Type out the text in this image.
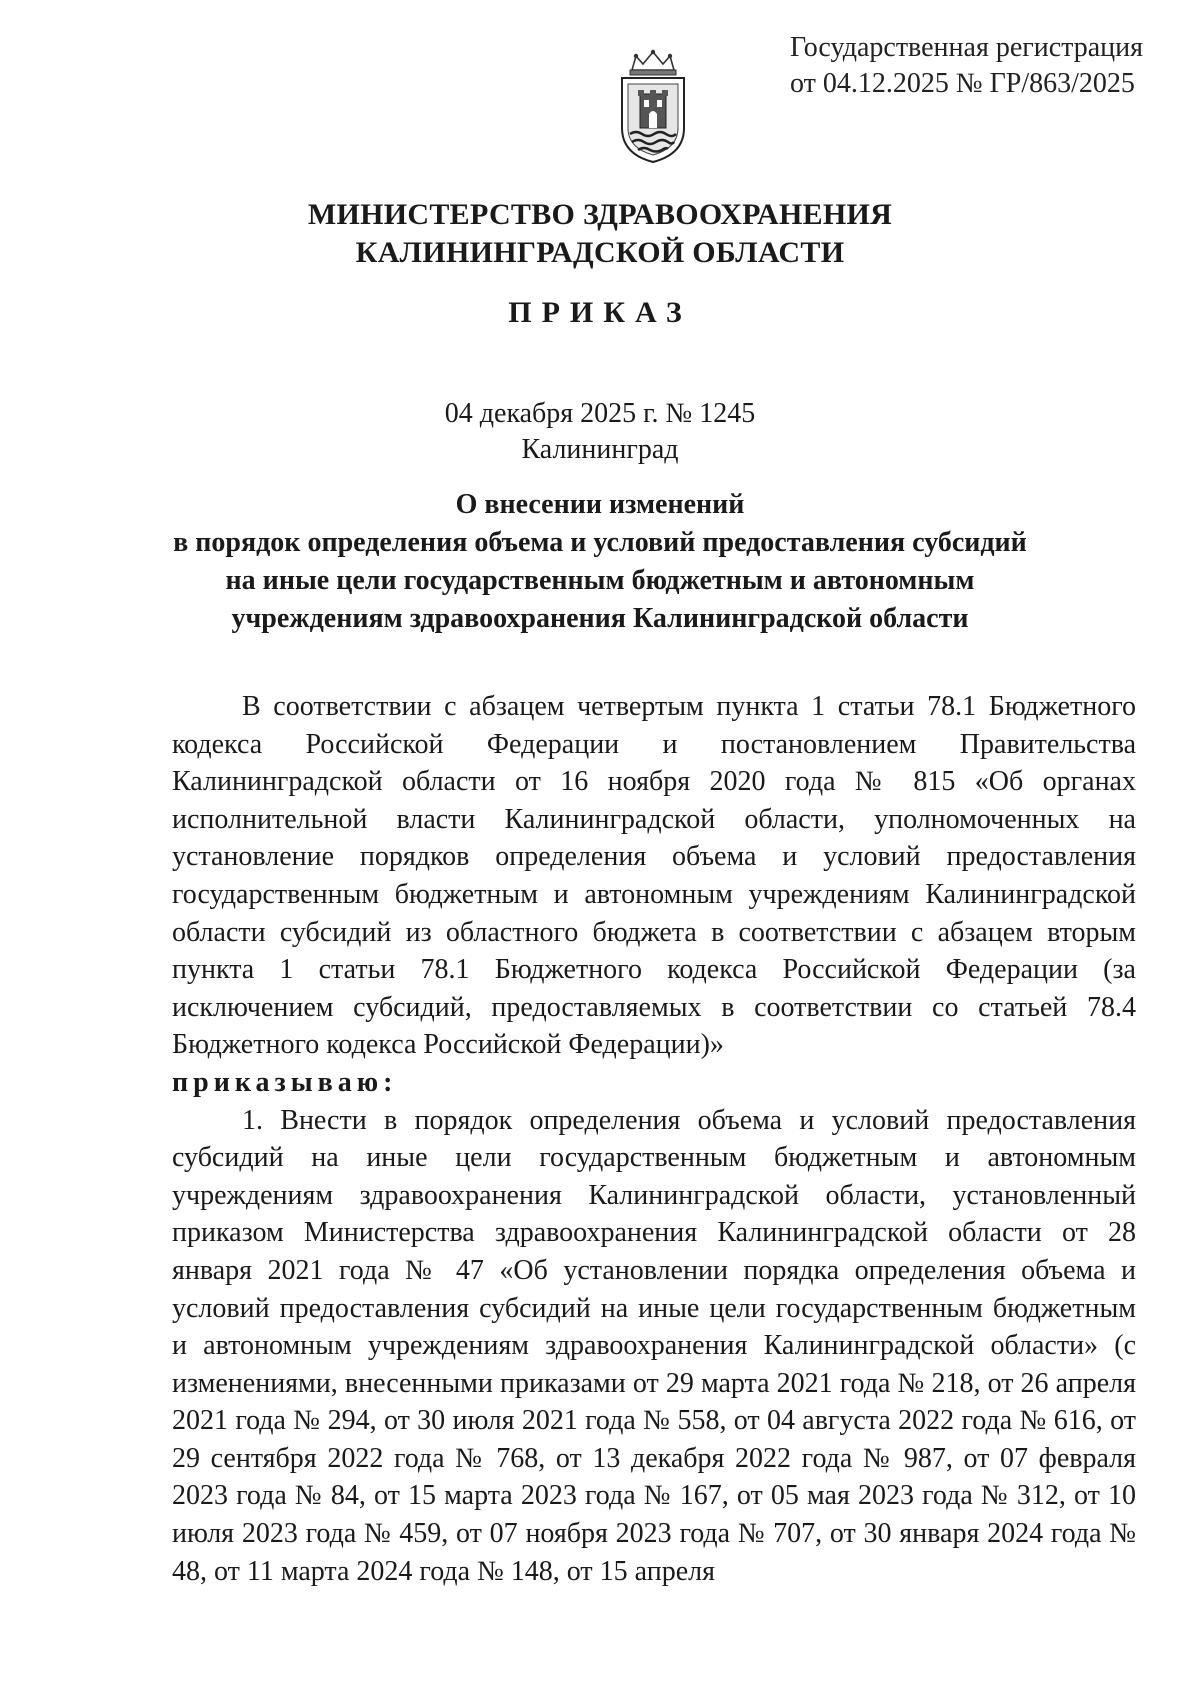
Государственная регистрация
от 04.12.2025 № ГР/863/2025
МИНИСТЕРСТВО ЗДРАВООХРАНЕНИЯ
КАЛИНИНГРАДСКОЙ ОБЛАСТИ
ПРИКАЗ
04 декабря 2025 г. № 1245
Калининград
О внесении изменений
в порядок определения объема и условий предоставления субсидий
на иные цели государственным бюджетным и автономным
учреждениям здравоохранения Калининградской области

В соответствии с абзацем четвертым пункта 1 статьи 78.1 Бюджетного кодекса Российской Федерации и постановлением Правительства Калининградской области от 16 ноября 2020 года № 815 «Об органах исполнительной власти Калининградской области, уполномоченных на установление порядков определения объема и условий предоставления государственным бюджетным и автономным учреждениям Калининградской области субсидий из областного бюджета в соответствии с абзацем вторым пункта 1 статьи 78.1 Бюджетного кодекса Российской Федерации (за исключением субсидий, предоставляемых в соответствии со статьей 78.4 Бюджетного кодекса Российской Федерации)»

приказываю:

1. Внести в порядок определения объема и условий предоставления субсидий на иные цели государственным бюджетным и автономным учреждениям здравоохранения Калининградской области, установленный приказом Министерства здравоохранения Калининградской области от 28 января 2021 года № 47 «Об установлении порядка определения объема и условий предоставления субсидий на иные цели государственным бюджетным и автономным учреждениям здравоохранения Калининградской области» (с изменениями, внесенными приказами от 29 марта 2021 года № 218, от 26 апреля 2021 года № 294, от 30 июля 2021 года № 558, от 04 августа 2022 года № 616, от 29 сентября 2022 года № 768, от 13 декабря 2022 года № 987, от 07 февраля 2023 года № 84, от 15 марта 2023 года № 167, от 05 мая 2023 года № 312, от 10 июля 2023 года № 459, от 07 ноября 2023 года № 707, от 30 января 2024 года № 48, от 11 марта 2024 года № 148, от 15 апреля
